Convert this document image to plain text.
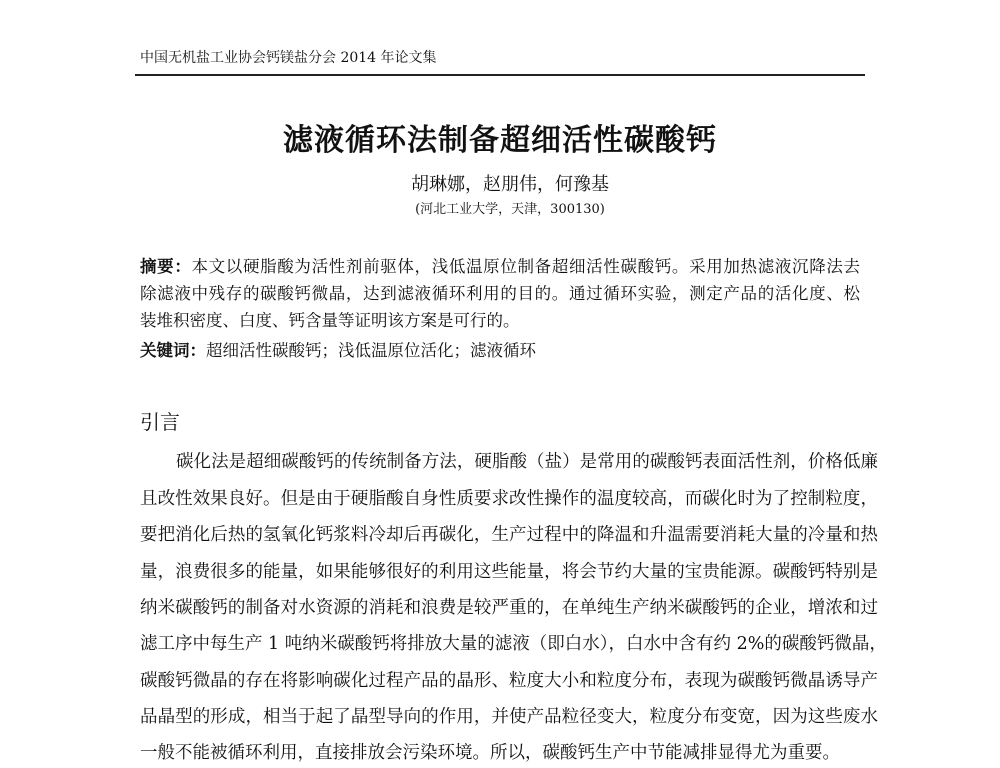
中国无机盐工业协会钙镁盐分会 2014 年论文集
滤液循环法制备超细活性碳酸钙
胡琳娜，赵朋伟，何豫基
(河北工业大学，天津，300130)
摘要：本文以硬脂酸为活性剂前驱体，浅低温原位制备超细活性碳酸钙。采用加热滤液沉降法去
除滤液中残存的碳酸钙微晶，达到滤液循环利用的目的。通过循环实验，测定产品的活化度、松
装堆积密度、白度、钙含量等证明该方案是可行的。
关键词：超细活性碳酸钙；浅低温原位活化；滤液循环
引言
碳化法是超细碳酸钙的传统制备方法，硬脂酸（盐）是常用的碳酸钙表面活性剂，价格低廉
且改性效果良好。但是由于硬脂酸自身性质要求改性操作的温度较高，而碳化时为了控制粒度，
要把消化后热的氢氧化钙浆料冷却后再碳化，生产过程中的降温和升温需要消耗大量的冷量和热
量，浪费很多的能量，如果能够很好的利用这些能量，将会节约大量的宝贵能源。碳酸钙特别是
纳米碳酸钙的制备对水资源的消耗和浪费是较严重的，在单纯生产纳米碳酸钙的企业，增浓和过
滤工序中每生产 1 吨纳米碳酸钙将排放大量的滤液（即白水），白水中含有约 2%的碳酸钙微晶，
碳酸钙微晶的存在将影响碳化过程产品的晶形、粒度大小和粒度分布，表现为碳酸钙微晶诱导产
品晶型的形成，相当于起了晶型导向的作用，并使产品粒径变大，粒度分布变宽，因为这些废水
一般不能被循环利用，直接排放会污染环境。所以，碳酸钙生产中节能减排显得尤为重要。
